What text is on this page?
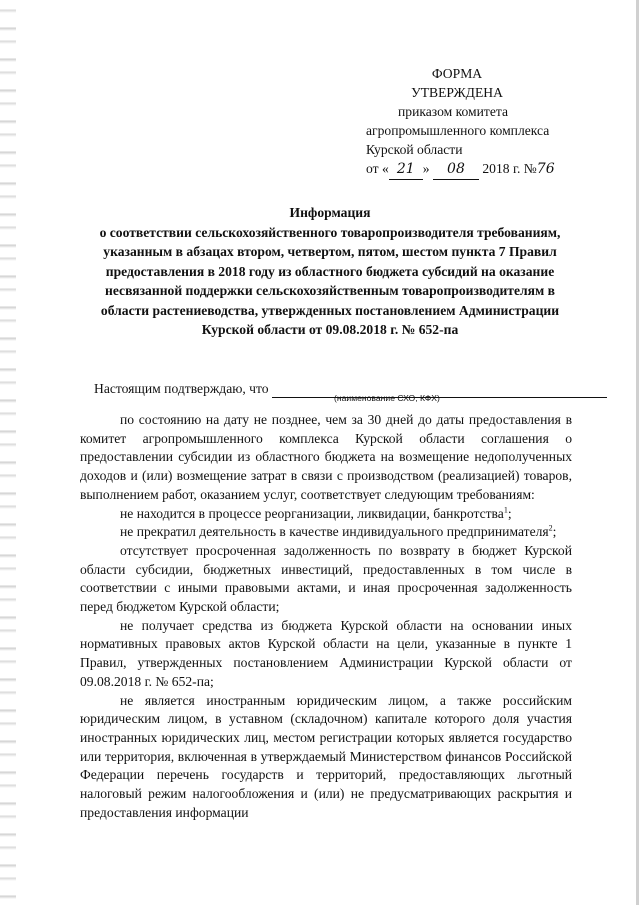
ФОРМА
УТВЕРЖДЕНА
приказом комитета
агропромышленного комплекса
Курской области
от « 21 » 08 2018 г. №76
Информация
о соответствии сельскохозяйственного товаропроизводителя требованиям, указанным в абзацах втором, четвертом, пятом, шестом пункта 7 Правил предоставления в 2018 году из областного бюджета субсидий на оказание несвязанной поддержки сельскохозяйственным товаропроизводителям в области растениеводства, утвержденных постановлением Администрации Курской области от 09.08.2018 г. № 652-па
Настоящим подтверждаю, что
(наименование СХО, КФХ)

по состоянию на дату не позднее, чем за 30 дней до даты предоставления в комитет агропромышленного комплекса Курской области соглашения о предоставлении субсидии из областного бюджета на возмещение недополученных доходов и (или) возмещение затрат в связи с производством (реализацией) товаров, выполнением работ, оказанием услуг, соответствует следующим требованиям:

не находится в процессе реорганизации, ликвидации, банкротства$^1$;

не прекратил деятельность в качестве индивидуального предпринимателя$^2$;

отсутствует просроченная задолженность по возврату в бюджет Курской области субсидии, бюджетных инвестиций, предоставленных в том числе в соответствии с иными правовыми актами, и иная просроченная задолженность перед бюджетом Курской области;

не получает средства из бюджета Курской области на основании иных нормативных правовых актов Курской области на цели, указанные в пункте 1 Правил, утвержденных постановлением Администрации Курской области от 09.08.2018 г. № 652-па;

не является иностранным юридическим лицом, а также российским юридическим лицом, в уставном (складочном) капитале которого доля участия иностранных юридических лиц, местом регистрации которых является государство или территория, включенная в утверждаемый Министерством финансов Российской Федерации перечень государств и территорий, предоставляющих льготный налоговый режим налогообложения и (или) не предусматривающих раскрытия и предоставления информации
